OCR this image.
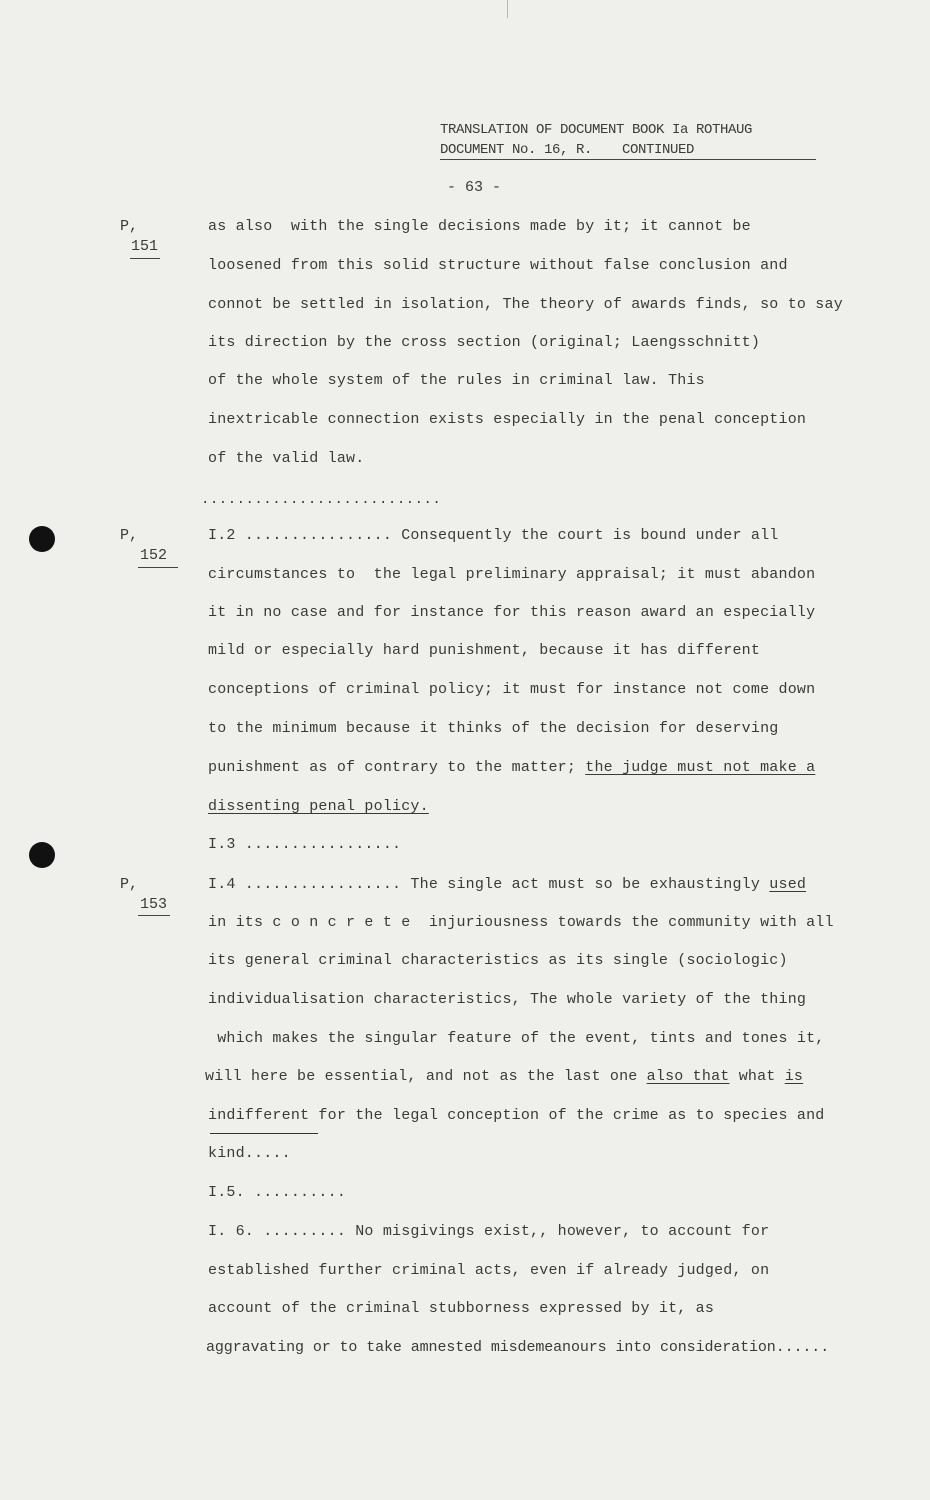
TRANSLATION OF DOCUMENT BOOK Ia ROTHAUG
DOCUMENT No. 16, R. CONTINUED
- 63 -
P,
151
P,
152
P,
153
as also  with the single decisions made by it; it cannot be
loosened from this solid structure without false conclusion and
connot be settled in isolation, The theory of awards finds, so to say
its direction by the cross section (original; Laengsschnitt)
of the whole system of the rules in criminal law. This
inextricable connection exists especially in the penal conception
of the valid law.
...........................
I.2 ................ Consequently the court is bound under all
circumstances to  the legal preliminary appraisal; it must abandon
it in no case and for instance for this reason award an especially
mild or especially hard punishment, because it has different
conceptions of criminal policy; it must for instance not come down
to the minimum because it thinks of the decision for deserving
punishment as of contrary to the matter; the judge must not make a
dissenting penal policy.
I.3 .................
I.4 ................. The single act must so be exhaustingly used
in its c o n c r e t e  injuriousness towards the community with all
its general criminal characteristics as its single (sociologic)
individualisation characteristics, The whole variety of the thing
which makes the singular feature of the event, tints and tones it,
will here be essential, and not as the last one also that what is
indifferent for the legal conception of the crime as to species and
kind.....
I.5. ..........
I. 6. ......... No misgivings exist,, however, to account for
established further criminal acts, even if already judged, on
account of the criminal stubborness expressed by it, as
aggravating or to take amnested misdemeanours into consideration......
